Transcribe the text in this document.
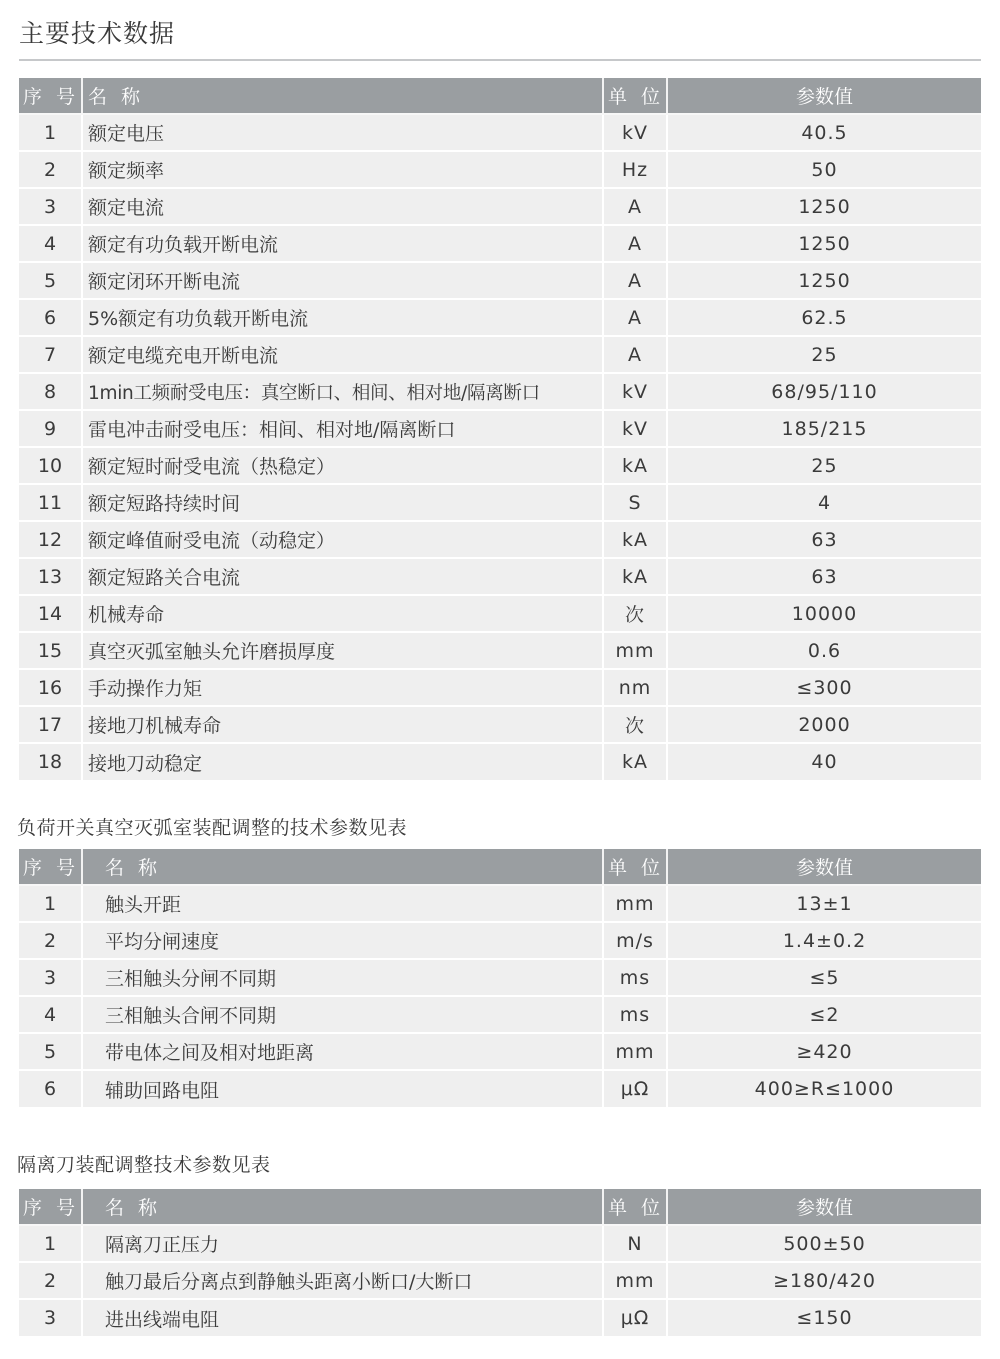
主要技术数据
序 号	名 称	单 位	参数值
1	额定电压	kV	40.5
2	额定频率	Hz	50
3	额定电流	A	1250
4	额定有功负载开断电流	A	1250
5	额定闭环开断电流	A	1250
6	5%额定有功负载开断电流	A	62.5
7	额定电缆充电开断电流	A	25
8	1min工频耐受电压：真空断口、相间、相对地/隔离断口	kV	68/95/110
9	雷电冲击耐受电压：相间、相对地/隔离断口	kV	185/215
10	额定短时耐受电流（热稳定）	kA	25
11	额定短路持续时间	S	4
12	额定峰值耐受电流（动稳定）	kA	63
13	额定短路关合电流	kA	63
14	机械寿命	次	10000
15	真空灭弧室触头允许磨损厚度	mm	0.6
16	手动操作力矩	nm	≤300
17	接地刀机械寿命	次	2000
18	接地刀动稳定	kA	40
负荷开关真空灭弧室装配调整的技术参数见表
序 号	名 称	单 位	参数值
1	触头开距	mm	13±1
2	平均分闸速度	m/s	1.4±0.2
3	三相触头分闸不同期	ms	≤5
4	三相触头合闸不同期	ms	≤2
5	带电体之间及相对地距离	mm	≥420
6	辅助回路电阻	μΩ	400≥R≤1000
隔离刀装配调整技术参数见表
序 号	名 称	单 位	参数值
1	隔离刀正压力	N	500±50
2	触刀最后分离点到静触头距离小断口/大断口	mm	≥180/420
3	进出线端电阻	μΩ	≤150
